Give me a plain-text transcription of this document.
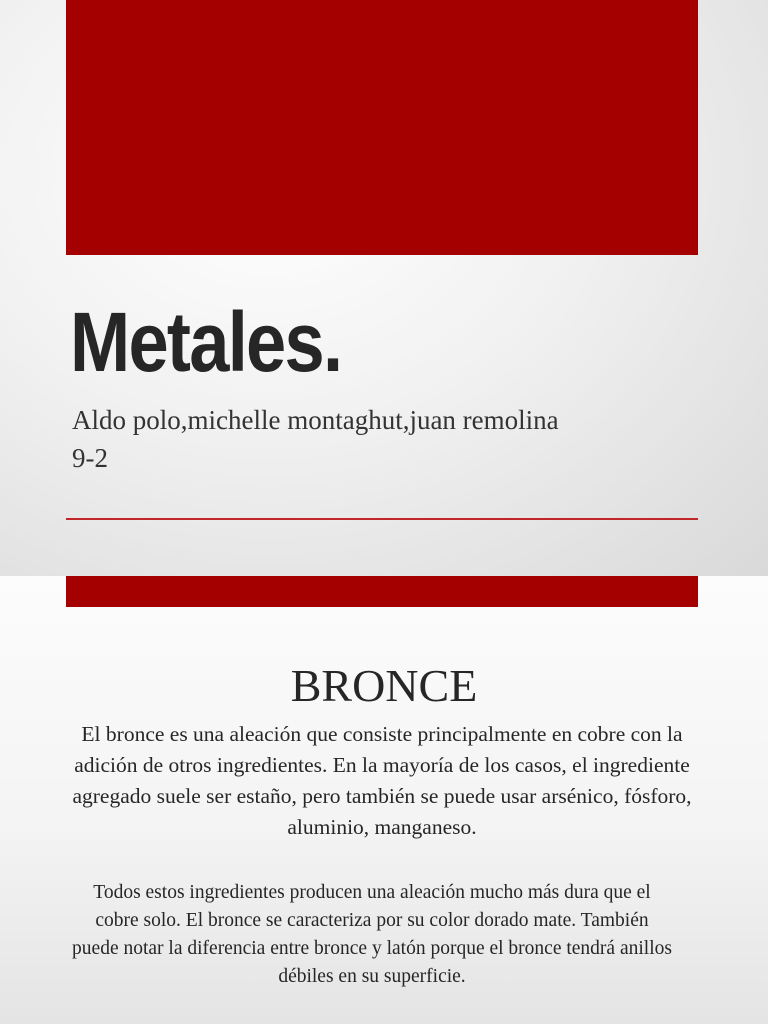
Metales.
Aldo polo,michelle montaghut,juan remolina
9-2
BRONCE
El bronce es una aleación que consiste principalmente en cobre con la adición de otros ingredientes. En la mayoría de los casos, el ingrediente agregado suele ser estaño, pero también se puede usar arsénico, fósforo, aluminio, manganeso.
Todos estos ingredientes producen una aleación mucho más dura que el cobre solo. El bronce se caracteriza por su color dorado mate. También puede notar la diferencia entre bronce y latón porque el bronce tendrá anillos débiles en su superficie.
